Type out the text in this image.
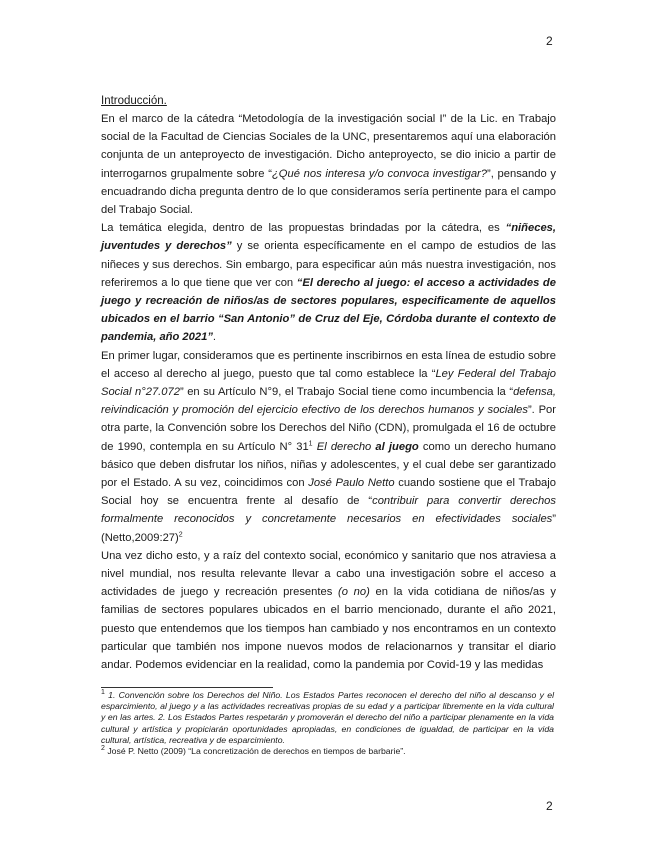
2
Introducción.

En el marco de la cátedra “Metodología de la investigación social I” de la Lic. en Trabajo social de la Facultad de Ciencias Sociales de la UNC, presentaremos aquí una elaboración conjunta de un anteproyecto de investigación. Dicho anteproyecto, se dio inicio a partir de interrogarnos grupalmente sobre “¿Qué nos interesa y/o convoca investigar?”, pensando y encuadrando dicha pregunta dentro de lo que consideramos sería pertinente para el campo del Trabajo Social.

La temática elegida, dentro de las propuestas brindadas por la cátedra, es “niñeces, juventudes y derechos” y se orienta específicamente en el campo de estudios de las niñeces y sus derechos. Sin embargo, para especificar aún más nuestra investigación, nos referiremos a lo que tiene que ver con “El derecho al juego: el acceso a actividades de juego y recreación de niños/as de sectores populares, especificamente de aquellos ubicados en el barrio “San Antonio” de Cruz del Eje, Córdoba durante el contexto de pandemia, año 2021”.

En primer lugar, consideramos que es pertinente inscribirnos en esta línea de estudio sobre el acceso al derecho al juego, puesto que tal como establece la “Ley Federal del Trabajo Social n°27.072” en su Artículo N°9, el Trabajo Social tiene como incumbencia la “defensa, reivindicación y promoción del ejercicio efectivo de los derechos humanos y sociales”. Por otra parte, la Convención sobre los Derechos del Niño (CDN), promulgada el 16 de octubre de 1990, contempla en su Artículo N° $31^1$ El derecho al juego como un derecho humano básico que deben disfrutar los niños, niñas y adolescentes, y el cual debe ser garantizado por el Estado. A su vez, coincidimos con José Paulo Netto cuando sostiene que el Trabajo Social hoy se encuentra frente al desafío de “contribuir para convertir derechos formalmente reconocidos y concretamente necesarios en efectividades sociales” (Netto,2009:27)$^2$

Una vez dicho esto, y a raíz del contexto social, económico y sanitario que nos atraviesa a nivel mundial, nos resulta relevante llevar a cabo una investigación sobre el acceso a actividades de juego y recreación presentes (o no) en la vida cotidiana de niños/as y familias de sectores populares ubicados en el barrio mencionado, durante el año 2021, puesto que entendemos que los tiempos han cambiado y nos encontramos en un contexto particular que también nos impone nuevos modos de relacionarnos y transitar el diario andar. Podemos evidenciar en la realidad, como la pandemia por Covid-19 y las medidas

$^1$ 1. Convención sobre los Derechos del Niño. Los Estados Partes reconocen el derecho del niño al descanso y el esparcimiento, al juego y a las actividades recreativas propias de su edad y a participar libremente en la vida cultural y en las artes. 2. Los Estados Partes respetarán y promoverán el derecho del niño a participar plenamente en la vida cultural y artística y propiciarán oportunidades apropiadas, en condiciones de igualdad, de participar en la vida cultural, artística, recreativa y de esparcimiento.

$^2$ José P. Netto (2009) “La concretización de derechos en tiempos de barbarie”.

2
